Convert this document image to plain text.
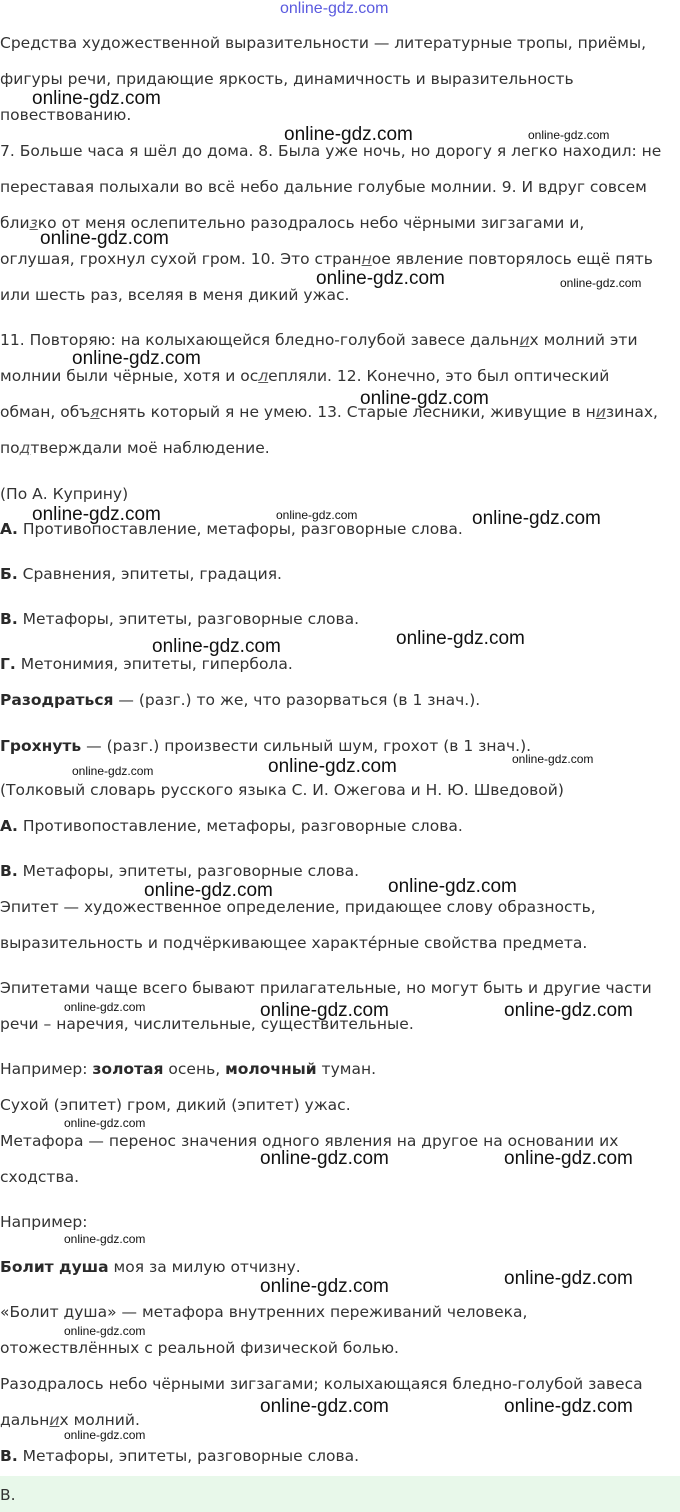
online-gdz.com
Средства художественной выразительности — литературные тропы, приёмы,
фигуры речи, придающие яркость, динамичность и выразительность
повествованию.
7. Больше часа я шёл до дома. 8. Была уже ночь, но дорогу я легко находил: не
переставая полыхали во всё небо дальние голубые молнии. 9. И вдруг совсем
близко от меня ослепительно разодралось небо чёрными зигзагами и,
оглушая, грохнул сухой гром. 10. Это странное явление повторялось ещё пять
или шесть раз, вселяя в меня дикий ужас.
11. Повторяю: на колыхающейся бледно-голубой завесе дальних молний эти
молнии были чёрные, хотя и ослепляли. 12. Конечно, это был оптический
обман, объяснять который я не умею. 13. Старые лесники, живущие в низинах,
подтверждали моё наблюдение.
(По А. Куприну)
А. Противопоставление, метафоры, разговорные слова.
Б. Сравнения, эпитеты, градация.
В. Метафоры, эпитеты, разговорные слова.
Г. Метонимия, эпитеты, гипербола.
Разодраться — (разг.) то же, что разорваться (в 1 знач.).
Грохнуть — (разг.) произвести сильный шум, грохот (в 1 знач.).
(Толковый словарь русского языка С. И. Ожегова и Н. Ю. Шведовой)
А. Противопоставление, метафоры, разговорные слова.
В. Метафоры, эпитеты, разговорные слова.
Эпитет — художественное определение, придающее слову образность,
выразительность и подчёркивающее характе́рные свойства предмета.
Эпитетами чаще всего бывают прилагательные, но могут быть и другие части
речи – наречия, числительные, существительные.
Например: золотая осень, молочный туман.
Сухой (эпитет) гром, дикий (эпитет) ужас.
Метафора — перенос значения одного явления на другое на основании их
сходства.
Например:
Болит душа моя за милую отчизну.
«Болит душа» — метафора внутренних переживаний человека,
отожествлённых с реальной физической болью.
Разодралось небо чёрными зигзагами; колыхающаяся бледно-голубой завеса
дальних молний.
В. Метафоры, эпитеты, разговорные слова.
В.
online-gdz.com
online-gdz.com	online-gdz.com
online-gdz.com
online-gdz.com	online-gdz.com
online-gdz.com
online-gdz.com
online-gdz.com	online-gdz.com	online-gdz.com
online-gdz.com
online-gdz.com
online-gdz.com
online-gdz.com
online-gdz.com
online-gdz.com
online-gdz.com
online-gdz.com	online-gdz.com	online-gdz.com
online-gdz.com
online-gdz.com	online-gdz.com
online-gdz.com
online-gdz.com
online-gdz.com
online-gdz.com
online-gdz.com	online-gdz.com
online-gdz.com
